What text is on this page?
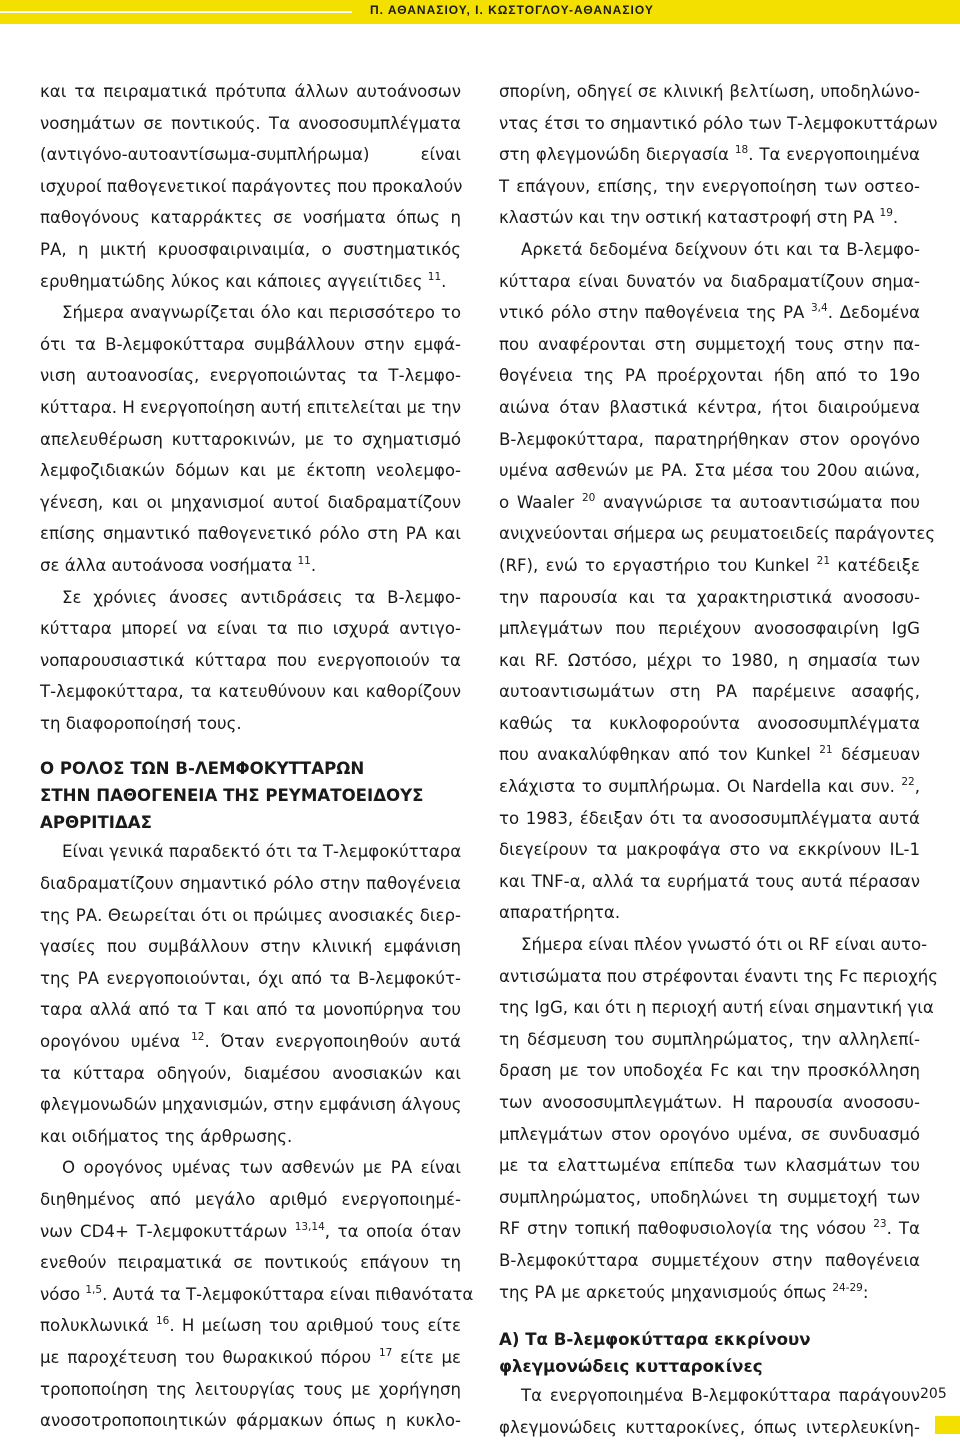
Π. ΑΘΑΝΑΣΙΟΥ, Ι. ΚΩΣΤΟΓΛΟΥ-ΑΘΑΝΑΣΙΟΥ
και τα πειραματικά πρότυπα άλλων αυτοάνοσων
νοσημάτων σε ποντικούς. Τα ανοσοσυμπλέγματα
(αντιγόνο-αυτοαντίσωμα-συμπλήρωμα) είναι
ισχυροί παθογενετικοί παράγοντες που προκαλούν
παθογόνους καταρράκτες σε νοσήματα όπως η
ΡΑ, η μικτή κρυοσφαιριναιμία, ο συστηματικός
ερυθηματώδης λύκος και κάποιες αγγειίτιδες $^{11}$.
Σήμερα αναγνωρίζεται όλο και περισσότερο το
ότι τα Β-λεμφοκύτταρα συμβάλλουν στην εμφά-
νιση αυτοανοσίας, ενεργοποιώντας τα Τ-λεμφο-
κύτταρα. Η ενεργοποίηση αυτή επιτελείται με την
απελευθέρωση κυτταροκινών, με το σχηματισμό
λεμφοζιδιακών δόμων και με έκτοπη νεολεμφο-
γένεση, και οι μηχανισμοί αυτοί διαδραματίζουν
επίσης σημαντικό παθογενετικό ρόλο στη ΡΑ και
σε άλλα αυτοάνοσα νοσήματα $^{11}$.
Σε χρόνιες άνοσες αντιδράσεις τα Β-λεμφο-
κύτταρα μπορεί να είναι τα πιο ισχυρά αντιγο-
νοπαρουσιαστικά κύτταρα που ενεργοποιούν τα
Τ-λεμφοκύτταρα, τα κατευθύνουν και καθορίζουν
τη διαφοροποίησή τους.
Ο ΡΟΛΟΣ ΤΩΝ Β-ΛΕΜΦΟΚΥΤΤΑΡΩΝ
ΣΤΗΝ ΠΑΘΟΓΕΝΕΙΑ ΤΗΣ ΡΕΥΜΑΤΟΕΙΔΟΥΣ
ΑΡΘΡΙΤΙΔΑΣ
Είναι γενικά παραδεκτό ότι τα Τ-λεμφοκύτταρα
διαδραματίζουν σημαντικό ρόλο στην παθογένεια
της ΡΑ. Θεωρείται ότι οι πρώιμες ανοσιακές διερ-
γασίες που συμβάλλουν στην κλινική εμφάνιση
της ΡΑ ενεργοποιούνται, όχι από τα Β-λεμφοκύτ-
ταρα αλλά από τα Τ και από τα μονοπύρηνα του
ορογόνου υμένα $^{12}$. Όταν ενεργοποιηθούν αυτά
τα κύτταρα οδηγούν, διαμέσου ανοσιακών και
φλεγμονωδών μηχανισμών, στην εμφάνιση άλγους
και οιδήματος της άρθρωσης.
Ο ορογόνος υμένας των ασθενών με ΡΑ είναι
διηθημένος από μεγάλο αριθμό ενεργοποιημέ-
νων CD4+ Τ-λεμφοκυττάρων $^{13,14}$, τα οποία όταν
ενεθούν πειραματικά σε ποντικούς επάγουν τη
νόσο $^{1,5}$. Αυτά τα Τ-λεμφοκύτταρα είναι πιθανότατα
πολυκλωνικά $^{16}$. Η μείωση του αριθμού τους είτε
με παροχέτευση του θωρακικού πόρου $^{17}$ είτε με
τροποποίηση της λειτουργίας τους με χορήγηση
ανοσοτροποποιητικών φάρμακων όπως η κυκλο-
σπορίνη, οδηγεί σε κλινική βελτίωση, υποδηλώνο-
ντας έτσι το σημαντικό ρόλο των Τ-λεμφοκυττάρων
στη φλεγμονώδη διεργασία $^{18}$. Τα ενεργοποιημένα
Τ επάγουν, επίσης, την ενεργοποίηση των οστεο-
κλαστών και την οστική καταστροφή στη ΡΑ $^{19}$.
Αρκετά δεδομένα δείχνουν ότι και τα Β-λεμφο-
κύτταρα είναι δυνατόν να διαδραματίζουν σημα-
ντικό ρόλο στην παθογένεια της ΡΑ $^{3,4}$. Δεδομένα
που αναφέρονται στη συμμετοχή τους στην πα-
θογένεια της ΡΑ προέρχονται ήδη από το 19ο
αιώνα όταν βλαστικά κέντρα, ήτοι διαιρούμενα
Β-λεμφοκύτταρα, παρατηρήθηκαν στον ορογόνο
υμένα ασθενών με ΡΑ. Στα μέσα του 20ου αιώνα,
ο Waaler $^{20}$ αναγνώρισε τα αυτοαντισώματα που
ανιχνεύονται σήμερα ως ρευματοειδείς παράγοντες
(RF), ενώ το εργαστήριο του Kunkel $^{21}$ κατέδειξε
την παρουσία και τα χαρακτηριστικά ανοσοσυ-
μπλεγμάτων που περιέχουν ανοσοσφαιρίνη IgG
και RF. Ωστόσο, μέχρι το 1980, η σημασία των
αυτοαντισωμάτων στη ΡΑ παρέμεινε ασαφής,
καθώς τα κυκλοφορούντα ανοσοσυμπλέγματα
που ανακαλύφθηκαν από τον Kunkel $^{21}$ δέσμευαν
ελάχιστα το συμπλήρωμα. Οι Nardella και συν. $^{22}$,
το 1983, έδειξαν ότι τα ανοσοσυμπλέγματα αυτά
διεγείρουν τα μακροφάγα στο να εκκρίνουν IL-1
και TNF-α, αλλά τα ευρήματά τους αυτά πέρασαν
απαρατήρητα.
Σήμερα είναι πλέον γνωστό ότι οι RF είναι αυτο-
αντισώματα που στρέφονται έναντι της Fc περιοχής
της IgG, και ότι η περιοχή αυτή είναι σημαντική για
τη δέσμευση του συμπληρώματος, την αλληλεπί-
δραση με τον υποδοχέα Fc και την προσκόλληση
των ανοσοσυμπλεγμάτων. Η παρουσία ανοσοσυ-
μπλεγμάτων στον ορογόνο υμένα, σε συνδυασμό
με τα ελαττωμένα επίπεδα των κλασμάτων του
συμπληρώματος, υποδηλώνει τη συμμετοχή των
RF στην τοπική παθοφυσιολογία της νόσου $^{23}$. Τα
Β-λεμφοκύτταρα συμμετέχουν στην παθογένεια
της ΡΑ με αρκετούς μηχανισμούς όπως $^{24-29}$:
Α) Τα Β-λεμφοκύτταρα εκκρίνουν
φλεγμονώδεις κυτταροκίνες
Τα ενεργοποιημένα Β-λεμφοκύτταρα παράγουν
φλεγμονώδεις κυτταροκίνες, όπως ιντερλευκίνη-
205
